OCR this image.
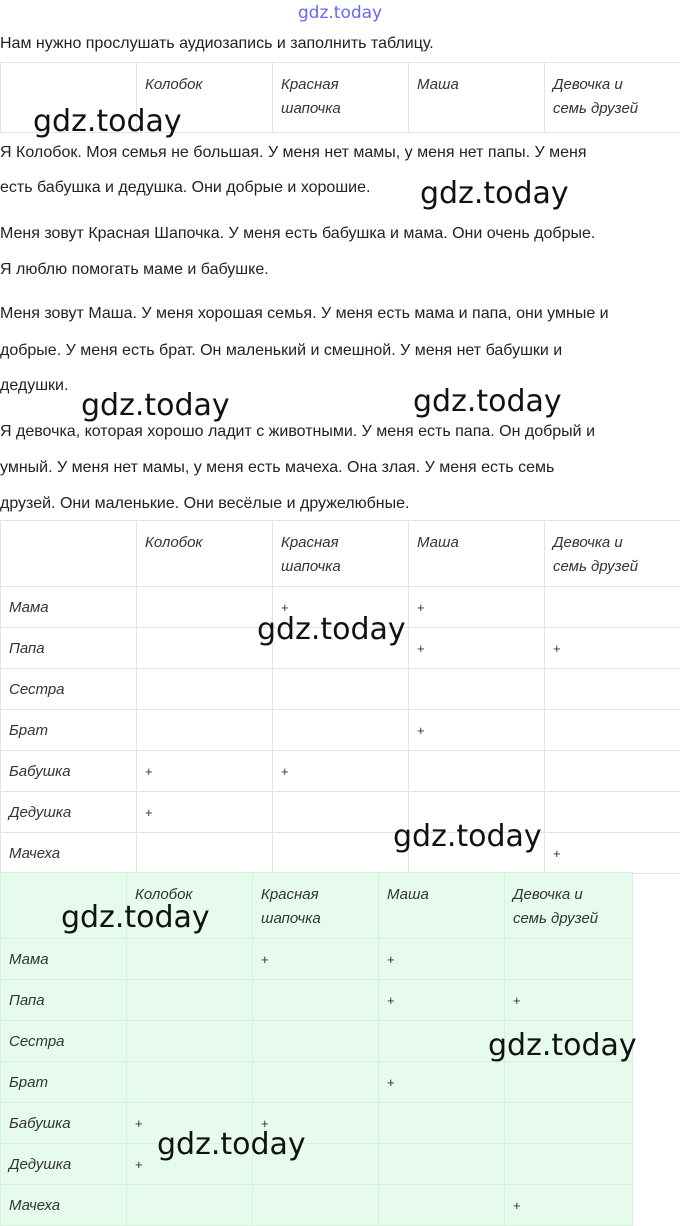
gdz.today
Нам нужно прослушать аудиозапись и заполнить таблицу.
	Колобок	Красная
шапочка	Маша	Девочка и
семь друзей
Я Колобок. Моя семья не большая. У меня нет мамы, у меня нет папы. У меня
есть бабушка и дедушка. Они добрые и хорошие.
Меня зовут Красная Шапочка. У меня есть бабушка и мама. Они очень добрые.
Я люблю помогать маме и бабушке.
Меня зовут Маша. У меня хорошая семья. У меня есть мама и папа, они умные и
добрые. У меня есть брат. Он маленький и смешной. У меня нет бабушки и
дедушки.
Я девочка, которая хорошо ладит с животными. У меня есть папа. Он добрый и
умный. У меня нет мамы, у меня есть мачеха. Она злая. У меня есть семь
друзей. Они маленькие. Они весёлые и дружелюбные.
	Колобок	Красная
шапочка	Маша	Девочка и
семь друзей
Мама		+	+	
Папа			+	+
Сестра				
Брат			+	
Бабушка	+	+		
Дедушка	+			
Мачеха				+
	Колобок	Красная
шапочка	Маша	Девочка и
семь друзей
Мама		+	+	
Папа			+	+
Сестра				
Брат			+	
Бабушка	+	+		
Дедушка	+			
Мачеха				+
gdz.today
gdz.today
gdz.today	gdz.today
gdz.today
gdz.today
gdz.today
gdz.today
gdz.today
